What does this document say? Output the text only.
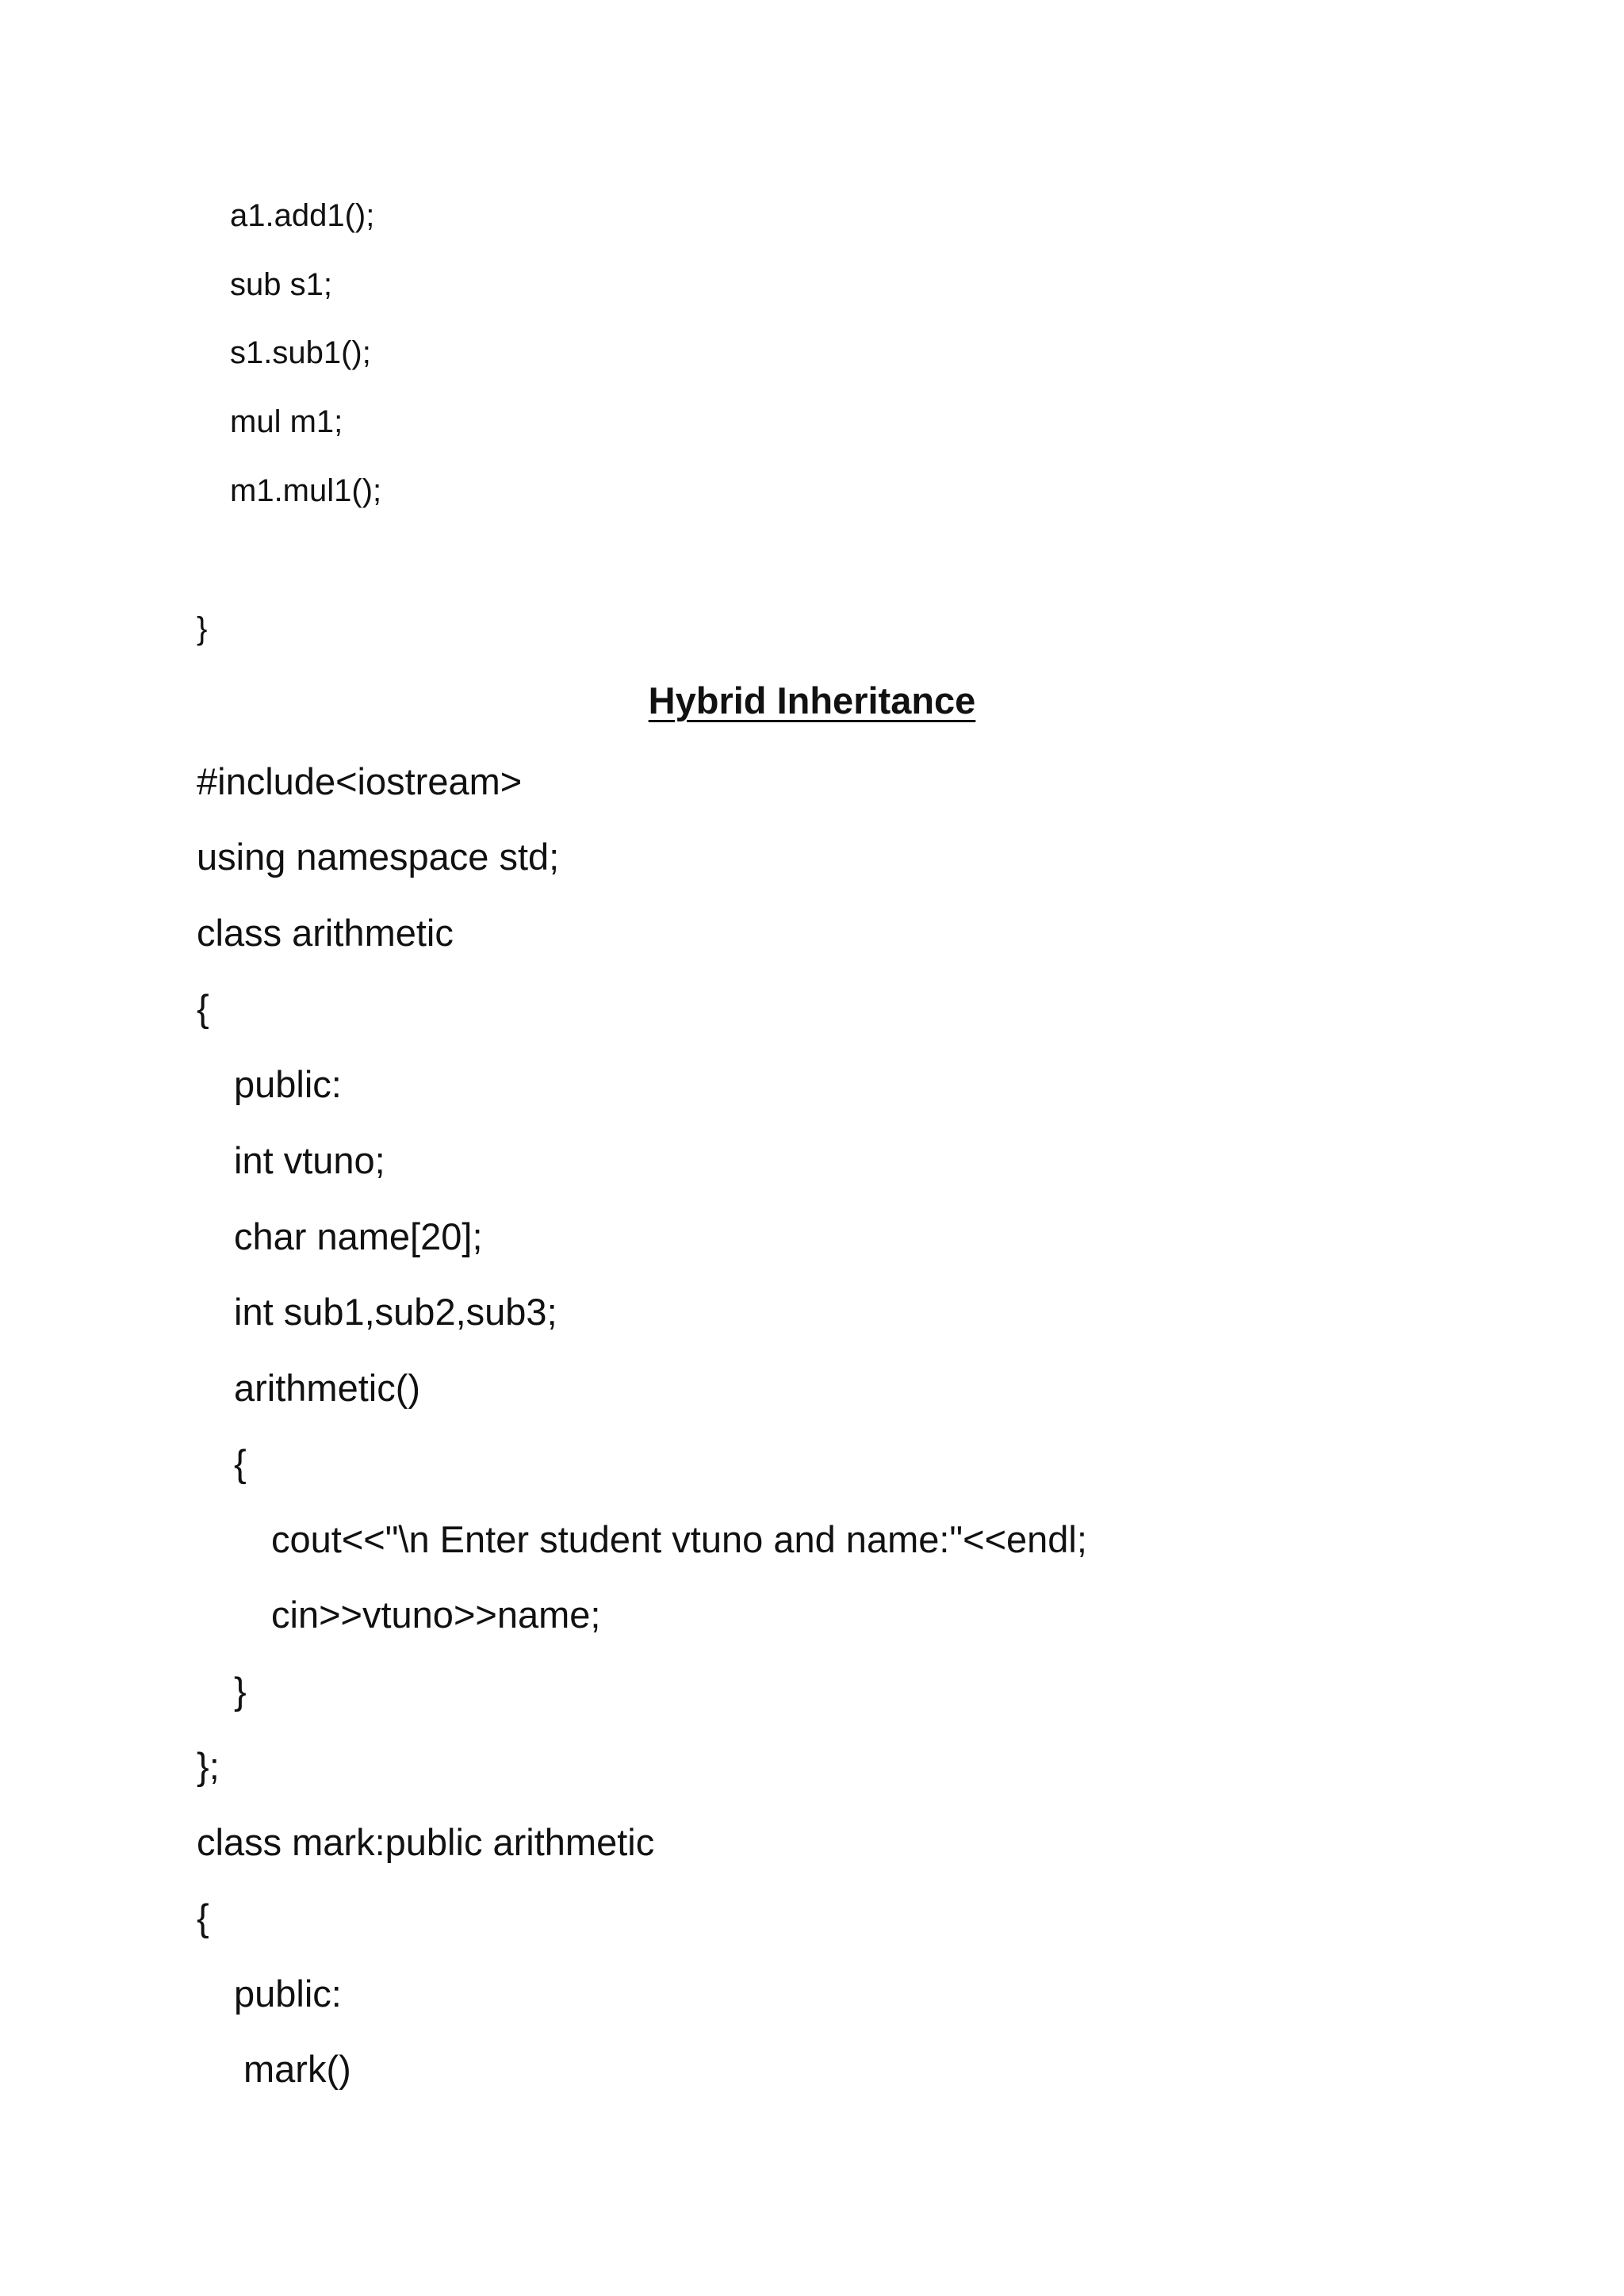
a1.add1();
sub s1;
s1.sub1();
mul m1;
m1.mul1();
}
Hybrid Inheritance
#include<iostream>
using namespace std;
class arithmetic
{
public:
int vtuno;
char name[20];
int sub1,sub2,sub3;
arithmetic()
{
cout<<"\n Enter student vtuno and name:"<<endl;
cin>>vtuno>>name;
}
};
class mark:public arithmetic
{
public:
mark()
